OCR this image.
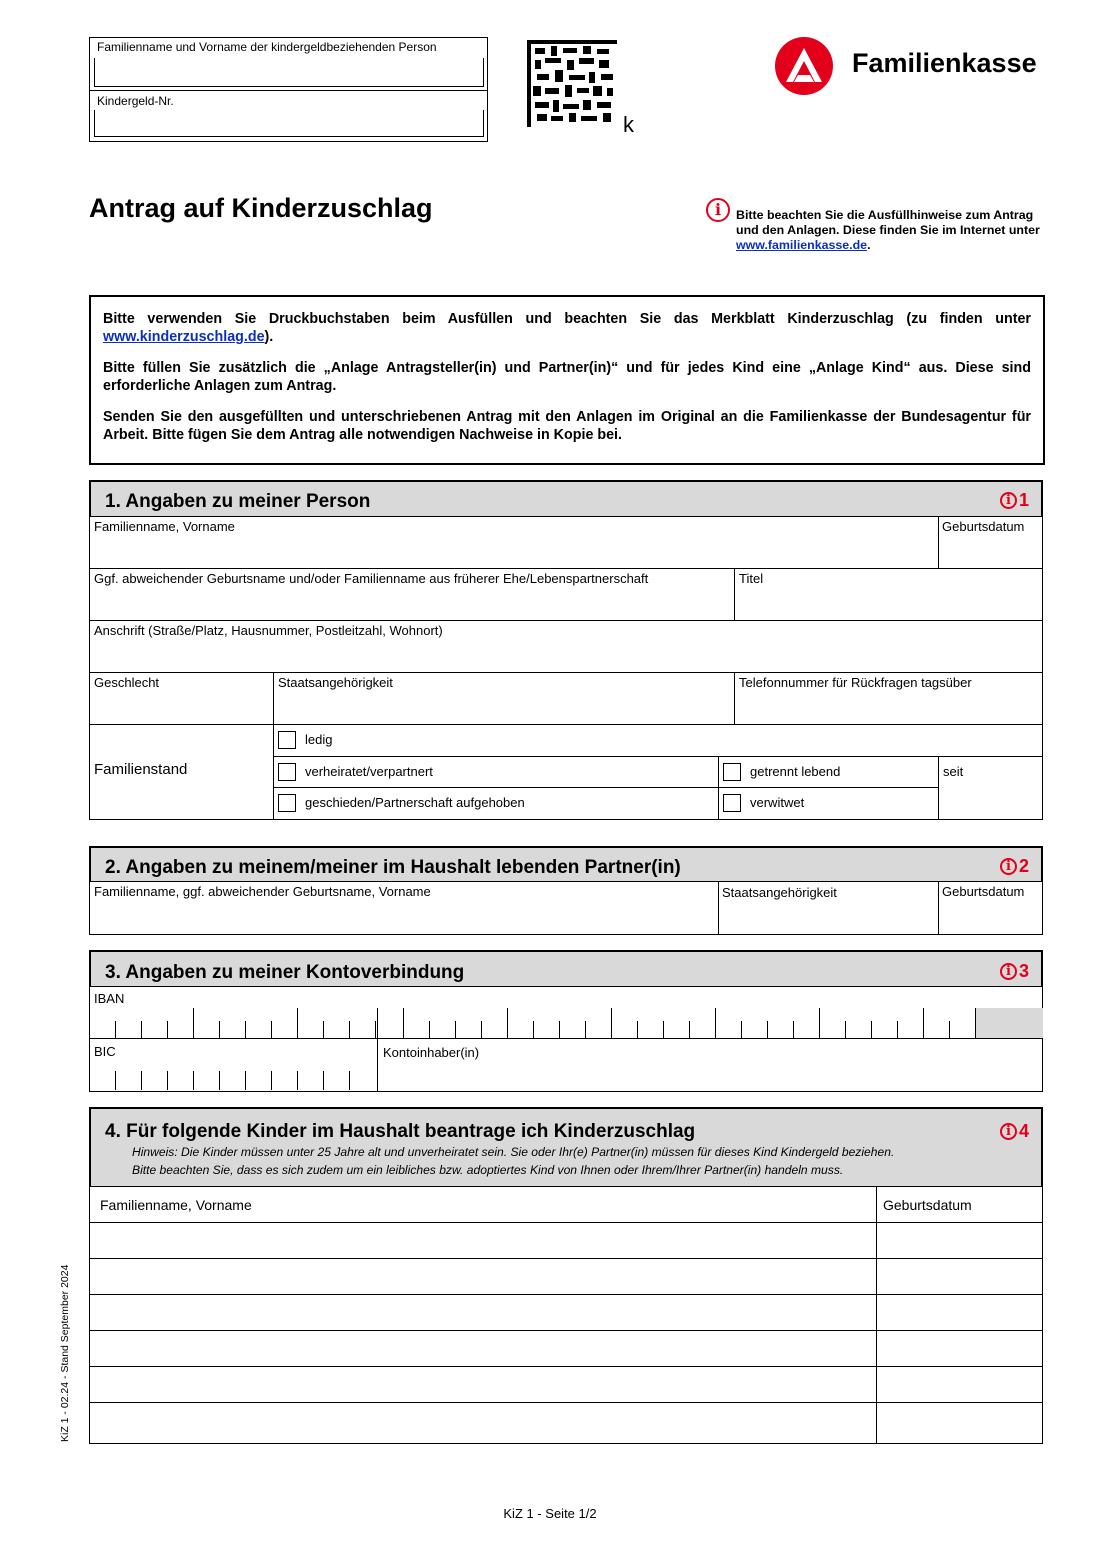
Familienname und Vorname der kindergeldbeziehenden Person
Kindergeld-Nr.
k
Familienkasse
Antrag auf Kinderzuschlag	i	Bitte beachten Sie die Ausfüllhinweise zum Antrag und den Anlagen. Diese finden Sie im Internet unter www.familienkasse.de.
Bitte verwenden Sie Druckbuchstaben beim Ausfüllen und beachten Sie das Merkblatt Kinderzuschlag (zu finden unter www.kinderzuschlag.de).
Bitte füllen Sie zusätzlich die „Anlage Antragsteller(in) und Partner(in)“ und für jedes Kind eine „Anlage Kind“ aus. Diese sind erforderliche Anlagen zum Antrag.
Senden Sie den ausgefüllten und unterschriebenen Antrag mit den Anlagen im Original an die Familienkasse der Bundesagentur für Arbeit. Bitte fügen Sie dem Antrag alle notwendigen Nachweise in Kopie bei.
1. Angaben zu meiner Person	i 1
Familienname, Vorname	Geburtsdatum
Ggf. abweichender Geburtsname und/oder Familienname aus früherer Ehe/Lebenspartnerschaft	Titel
Anschrift (Straße/Platz, Hausnummer, Postleitzahl, Wohnort)
Geschlecht	Staatsangehörigkeit	Telefonnummer für Rückfragen tagsüber
Familienstand
ledig
verheiratet/verpartnert	getrennt lebend
geschieden/Partnerschaft aufgehoben	verwitwet
seit
2. Angaben zu meinem/meiner im Haushalt lebenden Partner(in)	i 2
Familienname, ggf. abweichender Geburtsname, Vorname	Staatsangehörigkeit	Geburtsdatum
3. Angaben zu meiner Kontoverbindung	i 3
IBAN
BIC	Kontoinhaber(in)
4. Für folgende Kinder im Haushalt beantrage ich Kinderzuschlag	i 4
Hinweis: Die Kinder müssen unter 25 Jahre alt und unverheiratet sein. Sie oder Ihr(e) Partner(in) müssen für dieses Kind Kindergeld beziehen.
Bitte beachten Sie, dass es sich zudem um ein leibliches bzw. adoptiertes Kind von Ihnen oder Ihrem/Ihrer Partner(in) handeln muss.
Familienname, Vorname	Geburtsdatum
KiZ 1 - 02.24 - Stand September 2024
KiZ 1 - Seite 1/2
